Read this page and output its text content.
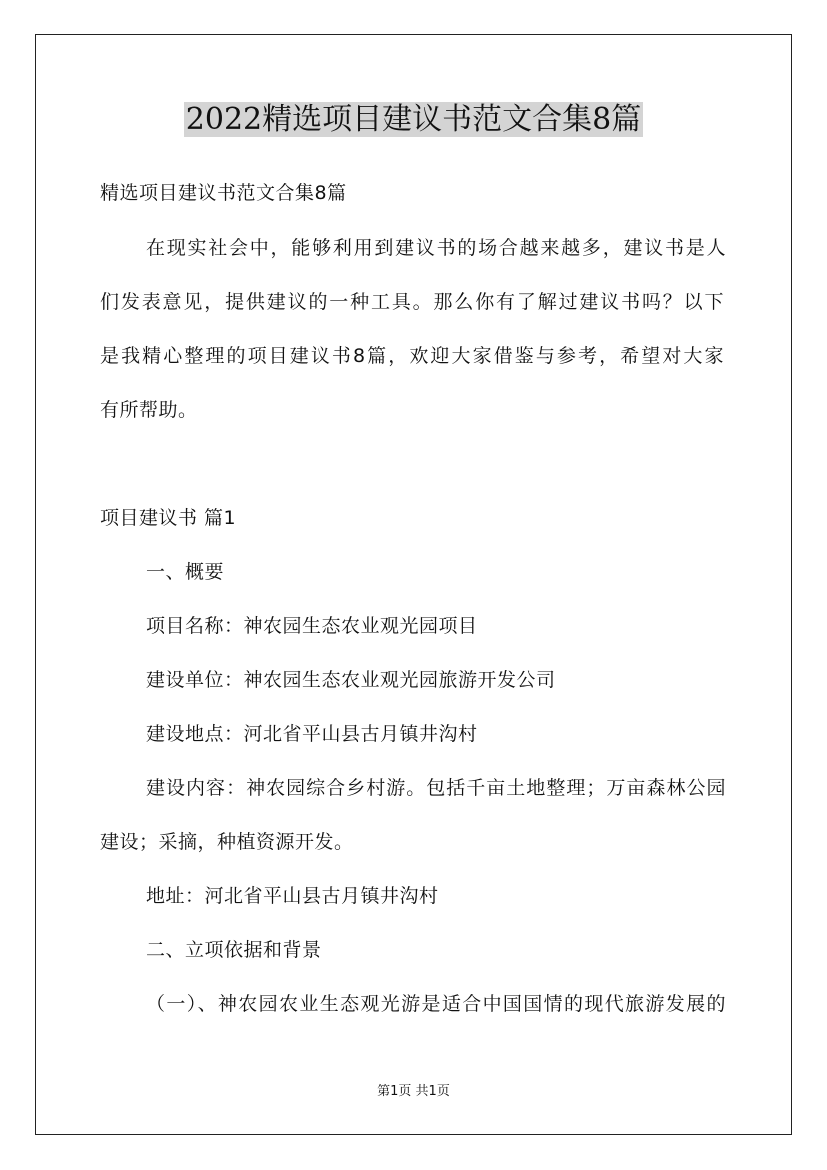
2022精选项目建议书范文合集8篇
精选项目建议书范文合集8篇
在现实社会中，能够利用到建议书的场合越来越多，建议书是人
们发表意见，提供建议的一种工具。那么你有了解过建议书吗？以下
是我精心整理的项目建议书8篇，欢迎大家借鉴与参考，希望对大家
有所帮助。
项目建议书 篇1
一、概要
项目名称：神农园生态农业观光园项目
建设单位：神农园生态农业观光园旅游开发公司
建设地点：河北省平山县古月镇井沟村
建设内容：神农园综合乡村游。包括千亩土地整理；万亩森林公园
建设；采摘，种植资源开发。
地址：河北省平山县古月镇井沟村
二、立项依据和背景
（一）、神农园农业生态观光游是适合中国国情的现代旅游发展的
第1页 共1页
